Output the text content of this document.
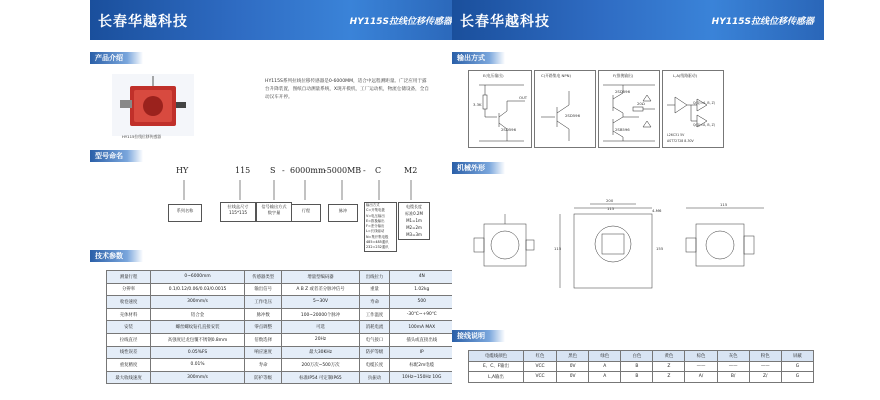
长春华越科技	HY115S拉线位移传感器
产品介绍
HY115拉线位移传感器
HY115S系列拉线位移传感器是0-6000MM，适合中远程测距量。广泛应用于露台升降装置，图纸自动测量系统，X现开模机，工厂运动机，物流仓储设备，全自动汉车开停。
型号命名
HY	115 S - 6000mm
-5000MB - C	M2
系列名称
拉线盒尺寸
115*115
信号输出方式
数字量	行程	脉冲
输出方式
C=开集电极
V=电压输出
E=推挽输出
F=差分输出
L=长线驱动
N=集开集电极
485=485通讯
232=232通讯
电缆长度
标准0.2M
M1=1m
M2=2m
M3=3m
技术参数
测量行程	0~6000mm	传感器类型	增量型编码器	出线拉力	4N
分辨率	0.1/0.12/0.06/0.03/0.0015	输出信号	A B Z 或者差分脉冲信号	重量	1.02kg
收卷速度	300mm/s	工作电压	5~30V	寿命	500
壳体材料	铝合金	脉冲数	100~20000个脉冲	工作温度	-30℃~+90℃
安装	螺丝螺纹钻孔直接安装	零点调整	可选	消耗电流	100mA MAX
拉线直径	高强度尼龙包覆不锈钢0.8mm	倍数选择	20Hz	电气接口	插头或直接出线
线性误差	0.05%FS	响应速度	最大30KHz	防护等级	IP
重复精度	0.01%	寿命	200万次~500万次	电缆长度	标配2m电缆
最大收线速度	300mm/s	防护等级	标准IP54 可定制IP65	抗振动	10Hz~150Hz 10G
长春华越科技	HY115S拉线位移传感器
输出方式
E(电压输出)
3.3K
OUT
2SD596
C(开路集电 NPN)
2SD596
F(推挽输出)
2SD596
2SB596
20Ω
L,A(线路驱动)
Q(Q)=A, B, Z)
Q(Q)=A, B, Z)
L26C31 5V
AST72728 8-30V
机械外形
200
115
115	155
115
4-M6
接线说明
电缆线颜色	红色	黑色	绿色	白色	黄色	棕色	灰色	粉色	屏蔽
E、C、F输出	VCC	0V	A	B	Z	——	——	——	G
L,A输出	VCC	0V	A	B	Z	A/	B/	Z/	G
